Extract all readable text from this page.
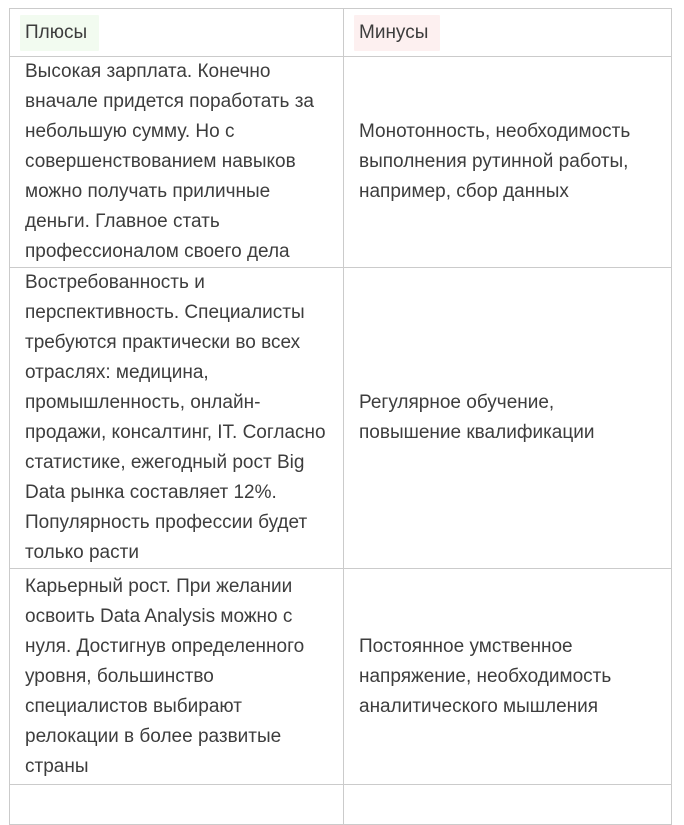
Плюсы	Минусы
Высокая зарплата. Конечно вначале придется поработать за небольшую сумму. Но с совершенствованием навыков можно получать приличные деньги. Главное стать профессионалом своего дела	Монотонность, необходимость выполнения рутинной работы, например, сбор данных
Востребованность и перспективность. Специалисты требуются практически во всех отраслях: медицина, промышленность, онлайн-продажи, консалтинг, IT. Согласно статистике, ежегодный рост Big Data рынка составляет 12%. Популярность профессии будет только расти	Регулярное обучение, повышение квалификации
Карьерный рост. При желании освоить Data Analysis можно с нуля. Достигнув определенного уровня, большинство специалистов выбирают релокации в более развитые страны	Постоянное умственное напряжение, необходимость аналитического мышления
